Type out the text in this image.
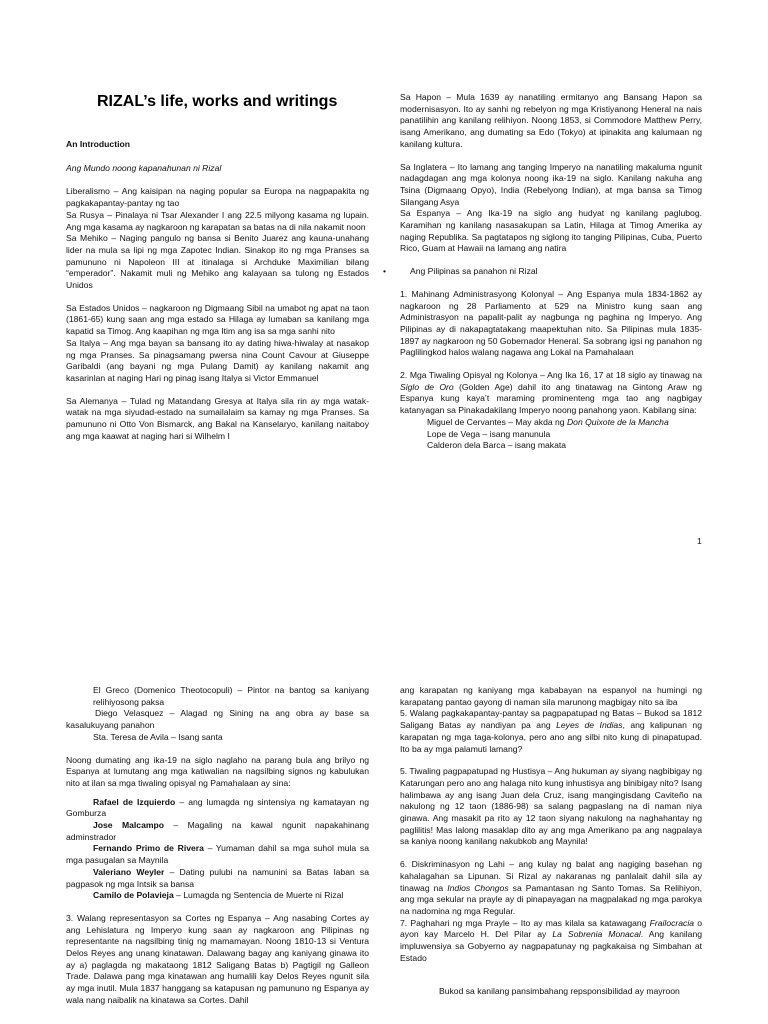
RIZAL’s life, works and writings

An Introduction

Ang Mundo noong kapanahunan ni Rizal

Liberalismo – Ang kaisipan na naging popular sa Europa na nagpapakita ng pagkakapantay-pantay ng tao

Sa Rusya – Pinalaya ni Tsar Alexander I ang 22.5 milyong kasama ng lupain. Ang mga kasama ay nagkaroon ng karapatan sa batas na di nila nakamit noon

Sa Mehiko – Naging pangulo ng bansa si Benito Juarez ang kauna-unahang lider na mula sa lipi ng mga Zapotec Indian. Sinakop ito ng mga Pranses sa pamununo ni Napoleon III at itinalaga si Archduke Maximilian bilang “emperador”. Nakamit muli ng Mehiko ang kalayaan sa tulong ng Estados Unidos

Sa Estados Unidos – nagkaroon ng Digmaang Sibil na umabot ng apat na taon (1861-65) kung saan ang mga estado sa Hilaga ay lumaban sa kanilang mga kapatid sa Timog. Ang kaapihan ng mga Itim ang isa sa mga sanhi nito

Sa Italya – Ang mga bayan sa bansang ito ay dating hiwa-hiwalay at nasakop ng mga Pranses. Sa pinagsamang pwersa nina Count Cavour at Giuseppe Garibaldi (ang bayani ng mga Pulang Damit) ay kanilang nakamit ang kasarinlan at naging Hari ng pinag isang Italya si Victor Emmanuel

Sa Alemanya – Tulad ng Matandang Gresya at Italya sila rin ay mga watak-watak na mga siyudad-estado na sumailalaim sa kamay ng mga Pranses. Sa pamununo ni Otto Von Bismarck, ang Bakal na Kanselaryo, kanilang naitaboy ang mga kaawat at naging hari si Wilhelm I

Sa Hapon – Mula 1639 ay nanatiling ermitanyo ang Bansang Hapon sa modernisasyon. Ito ay sanhi ng rebelyon ng mga Kristiyanong Heneral na nais panatilihin ang kanilang relihiyon. Noong 1853, si Commodore Matthew Perry, isang Amerikano, ang dumating sa Edo (Tokyo) at ipinakita ang kalumaan ng kanilang kultura.

Sa Inglatera – Ito lamang ang tanging Imperyo na nanatiling makaluma ngunit nadagdagan ang mga kolonya noong ika-19 na siglo. Kanilang nakuha ang Tsina (Digmaang Opyo), India (Rebelyong Indian), at mga bansa sa Timog Silangang Asya

Sa Espanya – Ang Ika-19 na siglo ang hudyat ng kanilang paglubog. Karamihan ng kanilang nasasakupan sa Latin, Hilaga at Timog Amerika ay naging Republika. Sa pagtatapos ng siglong ito tanging Pilipinas, Cuba, Puerto Rico, Guam at Hawaii na lamang ang natira

•	Ang Pilipinas sa panahon ni Rizal

1. Mahinang Administrasyong Kolonyal – Ang Espanya mula 1834-1862 ay nagkaroon ng 28 Parliamento at 529 na Ministro kung saan ang Administrasyon na papalit-palit ay nagbunga ng paghina ng Imperyo. Ang Pilipinas ay di nakapagtatakang maapektuhan nito. Sa Pilipinas mula 1835-1897 ay nagkaroon ng 50 Gobernador Heneral. Sa sobrang igsi ng panahon ng Paglilingkod halos walang nagawa ang Lokal na Pamahalaan

2. Mga Tiwaling Opisyal ng Kolonya – Ang Ika 16, 17 at 18 siglo ay tinawag na Siglo de Oro (Golden Age) dahil ito ang tinatawag na Gintong Araw ng Espanya kung kaya’t maraming prominenteng mga tao ang nagbigay katanyagan sa Pinakadakilang Imperyo noong panahong yaon. Kabilang sina:

Miguel de Cervantes – May akda ng Don Quixote de la Mancha

Lope de Vega – isang manunula

Calderon dela Barca – isang makata

1

El Greco (Domenico Theotocopuli) – Pintor na bantog sa kaniyang relihiyosong paksa

Diego Velasquez – Alagad ng Sining na ang obra ay base sa kasalukuyang panahon

Sta. Teresa de Avila – Isang santa

Noong dumating ang ika-19 na siglo naglaho na parang bula ang brilyo ng Espanya at lumutang ang mga katiwalian na nagsilbing signos ng kabulukan nito at ilan sa mga tiwaling opisyal ng Pamahalaan ay sina:

Rafael de Izquierdo – ang lumagda ng sintensiya ng kamatayan ng Gomburza

Jose Malcampo – Magaling na kawal ngunit napakahinang adminstrador

Fernando Primo de Rivera – Yumaman dahil sa mga suhol mula sa mga pasugalan sa Maynila

Valeriano Weyler – Dating pulubi na namunini sa Batas laban sa pagpasok ng mga Intsik sa bansa

Camilo de Polavieja – Lumagda ng Sentencia de Muerte ni Rizal

3. Walang representasyon sa Cortes ng Espanya – Ang nasabing Cortes ay ang Lehislatura ng Imperyo kung saan ay nagkaroon ang Pilipinas ng representante na nagsilbing tinig ng mamamayan. Noong 1810-13 si Ventura Delos Reyes ang unang kinatawan. Dalawang bagay ang kaniyang ginawa ito ay a) paglagda ng makataong 1812 Saligang Batas b) Pagtigil ng Galleon Trade. Dalawa pang mga kinatawan ang humalili kay Delos Reyes ngunit sila ay mga inutil. Mula 1837 hanggang sa katapusan ng pamununo ng Espanya ay wala nang naibalik na kinatawa sa Cortes. Dahil

ang karapatan ng kaniyang mga kababayan na espanyol na humingi ng karapatang pantao gayong di naman sila marunong magbigay nito sa iba

5. Walang pagkakapantay-pantay sa pagpapatupad ng Batas – Bukod sa 1812 Saligang Batas ay nandiyan pa ang Leyes de Indias, ang kalipunan ng karapatan ng mga taga-kolonya, pero ano ang silbi nito kung di pinapatupad. Ito ba ay mga palamuti lamang?

5. Tiwaling pagpapatupad ng Hustisya – Ang hukuman ay siyang nagbibigay ng Katarungan pero ano ang halaga nito kung inhustisya ang binibigay nito? Isang halimbawa ay ang isang Juan dela Cruz, isang mangingisdang Caviteño na nakulong ng 12 taon (1886-98) sa salang pagpaslang na di naman niya ginawa. Ang masakit pa rito ay 12 taon siyang nakulong na naghahantay ng paglilitis! Mas lalong masaklap dito ay ang mga Amerikano pa ang nagpalaya sa kaniya noong kanilang nakubkob ang Maynila!

6. Diskriminasyon ng Lahi – ang kulay ng balat ang nagiging basehan ng kahalagahan sa Lipunan. Si Rizal ay nakaranas ng panlalait dahil sila ay tinawag na Indios Chongos sa Pamantasan ng Santo Tomas. Sa Relihiyon, ang mga sekular na prayle ay di pinapayagan na magpalakad ng mga parokya na nadomina ng mga Regular.

7. Paghahari ng mga Prayle – Ito ay mas kilala sa katawagang Frailocracia o ayon kay Marcelo H. Del Pilar ay La Sobrenia Monacal. Ang kanilang impluwensiya sa Gobyerno ay nagpapatunay ng pagkakaisa ng Simbahan at Estado

Bukod sa kanilang pansimbahang repsponsibilidad ay mayroon
